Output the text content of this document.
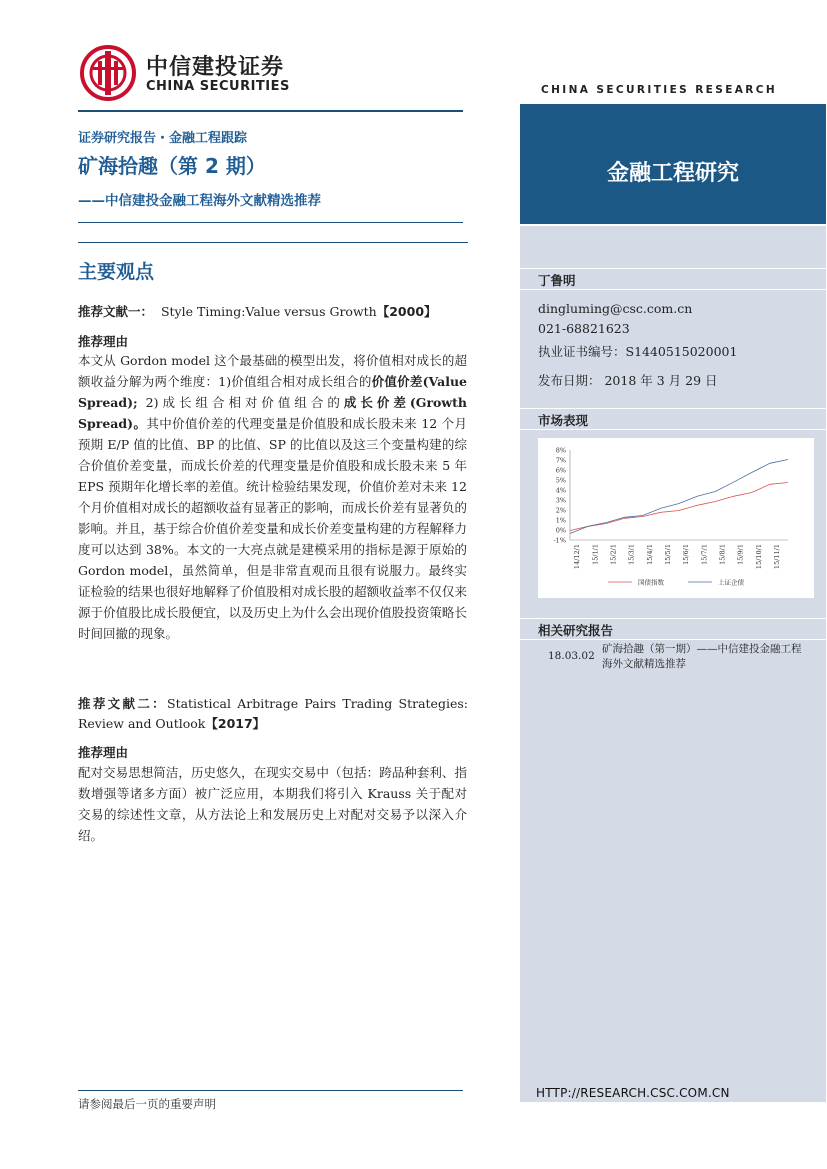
中信建投证券
CHINA SECURITIES	CHINA SECURITIES RESEARCH
证券研究报告・金融工程跟踪
矿海拾趣（第 2 期）
——中信建投金融工程海外文献精选推荐
主要观点
推荐文献一： Style Timing:Value versus Growth【2000】
推荐理由
本文从 Gordon model 这个最基础的模型出发，将价值相对成长的超额收益分解为两个维度：1)价值组合相对成长组合的价值价差(Value Spread); 2)成长组合相对价值组合的成长价差(Growth Spread)。其中价值价差的代理变量是价值股和成长股未来 12 个月预期 E/P 值的比值、BP 的比值、SP 的比值以及这三个变量构建的综合价值价差变量，而成长价差的代理变量是价值股和成长股未来 5 年 EPS 预期年化增长率的差值。统计检验结果发现，价值价差对未来 12 个月价值相对成长的超额收益有显著正的影响，而成长价差有显著负的影响。并且，基于综合价值价差变量和成长价差变量构建的方程解释力度可以达到 38%。本文的一大亮点就是建模采用的指标是源于原始的 Gordon model，虽然简单，但是非常直观而且很有说服力。最终实证检验的结果也很好地解释了价值股相对成长股的超额收益率不仅仅来源于价值股比成长股便宜，以及历史上为什么会出现价值股投资策略长时间回撤的现象。
推荐文献二：Statistical Arbitrage Pairs Trading Strategies: Review and Outlook【2017】
推荐理由
配对交易思想简洁，历史悠久，在现实交易中（包括：跨品种套利、指数增强等诸多方面）被广泛应用，本期我们将引入 Krauss 关于配对交易的综述性文章，从方法论上和发展历史上对配对交易予以深入介绍。
请参阅最后一页的重要声明
金融工程研究
丁鲁明
dingluming@csc.com.cn
021-68821623
执业证书编号：S1440515020001
发布日期： 2018 年 3 月 29 日
市场表现
-1%
0%
1%
2%
3%
4%
5%
6%
7%
8%
14/12/1 15/1/1 15/2/1 15/3/1 15/4/1 15/5/1 15/6/1 15/7/1 15/8/1 15/9/1 15/10/1 15/11/1
国债指数	上证企债
相关研究报告
18.03.02
矿海拾趣（第一期）——中信建投金融工程海外文献精选推荐
HTTP://RESEARCH.CSC.COM.CN
